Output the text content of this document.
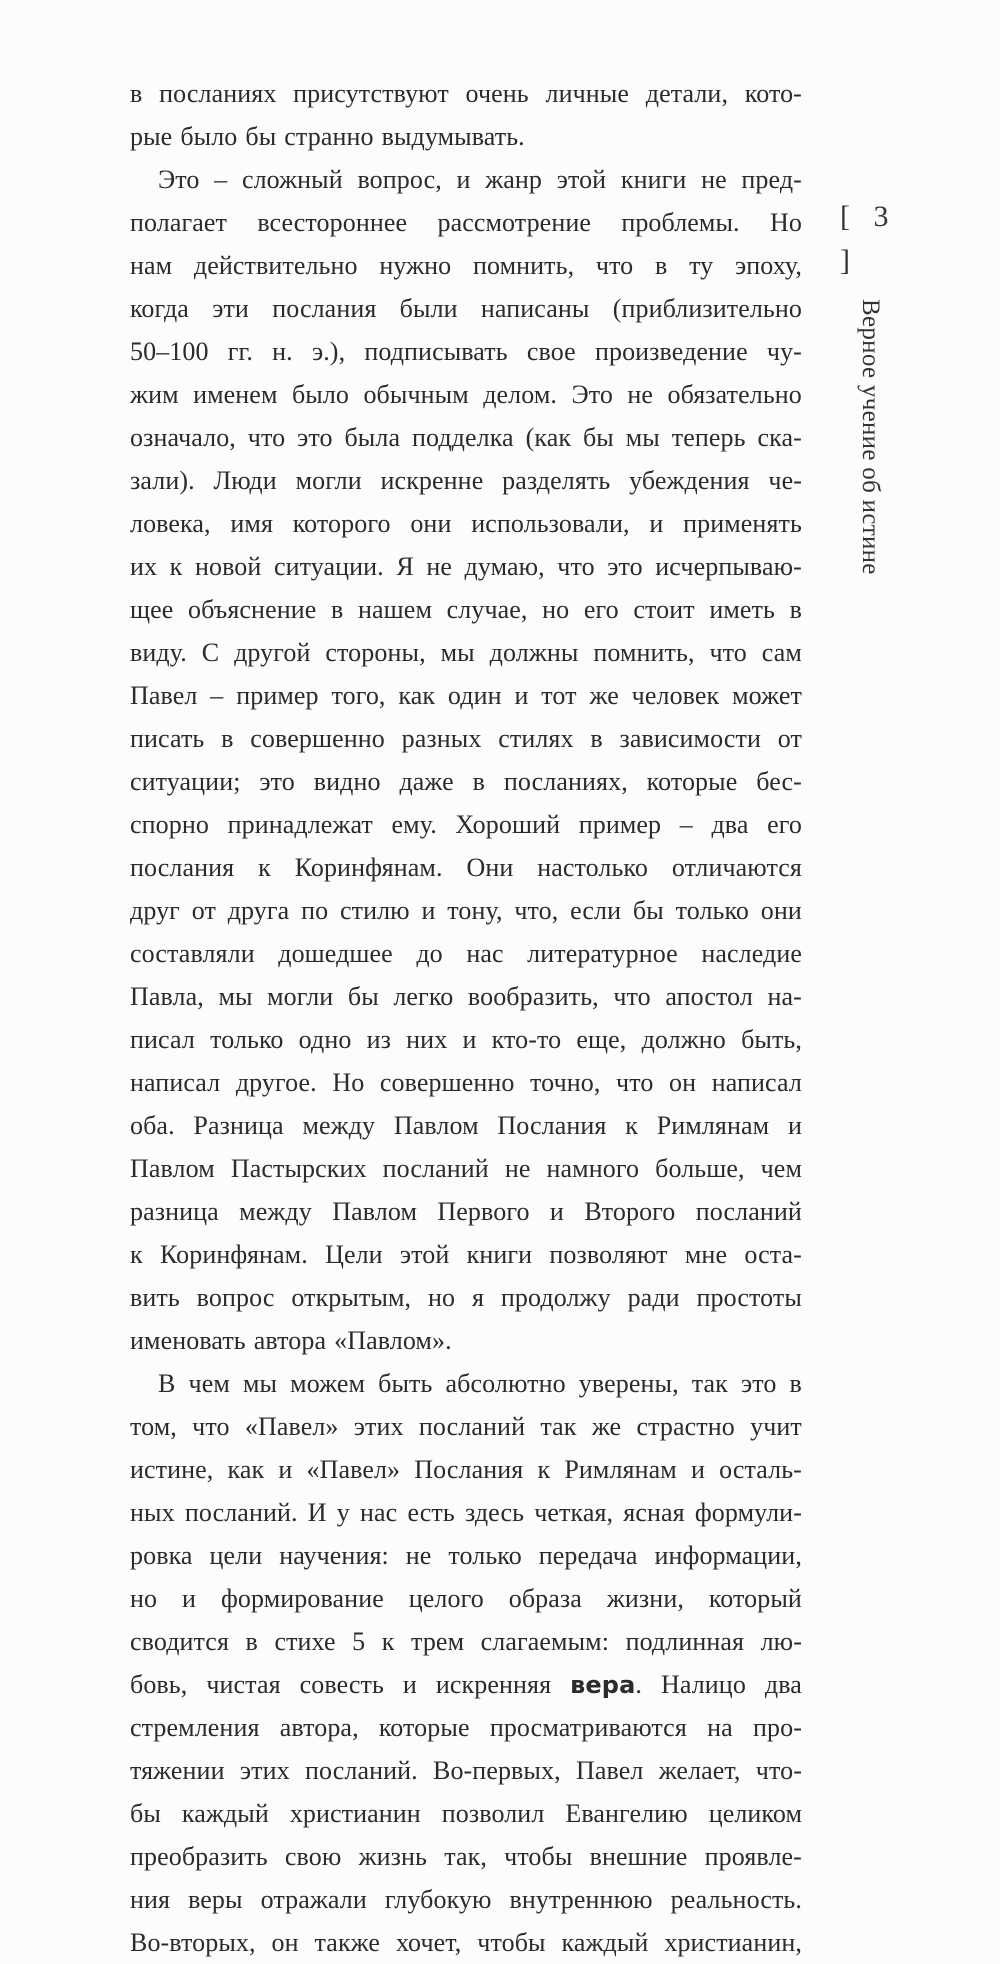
в посланиях присутствуют очень личные детали, кото-
рые было бы странно выдумывать.
Это – сложный вопрос, и жанр этой книги не пред-
полагает всестороннее рассмотрение проблемы. Но
нам действительно нужно помнить, что в ту эпоху,
когда эти послания были написаны (приблизительно
50–100 гг. н. э.), подписывать свое произведение чу-
жим именем было обычным делом. Это не обязательно
означало, что это была подделка (как бы мы теперь ска-
зали). Люди могли искренне разделять убеждения че-
ловека, имя которого они использовали, и применять
их к новой ситуации. Я не думаю, что это исчерпываю-
щее объяснение в нашем случае, но его стоит иметь в
виду. С другой стороны, мы должны помнить, что сам
Павел – пример того, как один и тот же человек может
писать в совершенно разных стилях в зависимости от
ситуации; это видно даже в посланиях, которые бес-
спорно принадлежат ему. Хороший пример – два его
послания к Коринфянам. Они настолько отличаются
друг от друга по стилю и тону, что, если бы только они
составляли дошедшее до нас литературное наследие
Павла, мы могли бы легко вообразить, что апостол на-
писал только одно из них и кто-то еще, должно быть,
написал другое. Но совершенно точно, что он написал
оба. Разница между Павлом Послания к Римлянам и
Павлом Пастырских посланий не намного больше, чем
разница между Павлом Первого и Второго посланий
к Коринфянам. Цели этой книги позволяют мне оста-
вить вопрос открытым, но я продолжу ради простоты
именовать автора «Павлом».
В чем мы можем быть абсолютно уверены, так это в
том, что «Павел» этих посланий так же страстно учит
истине, как и «Павел» Послания к Римлянам и осталь-
ных посланий. И у нас есть здесь четкая, ясная формули-
ровка цели научения: не только передача информации,
но и формирование целого образа жизни, который
сводится в стихе 5 к трем слагаемым: подлинная лю-
бовь, чистая совесть и искренняя вера. Налицо два
стремления автора, которые просматриваются на про-
тяжении этих посланий. Во-первых, Павел желает, что-
бы каждый христианин позволил Евангелию целиком
преобразить свою жизнь так, чтобы внешние проявле-
ния веры отражали глубокую внутреннюю реальность.
Во-вторых, он также хочет, чтобы каждый христианин,
[ 3 ]
Верное учение об истине
